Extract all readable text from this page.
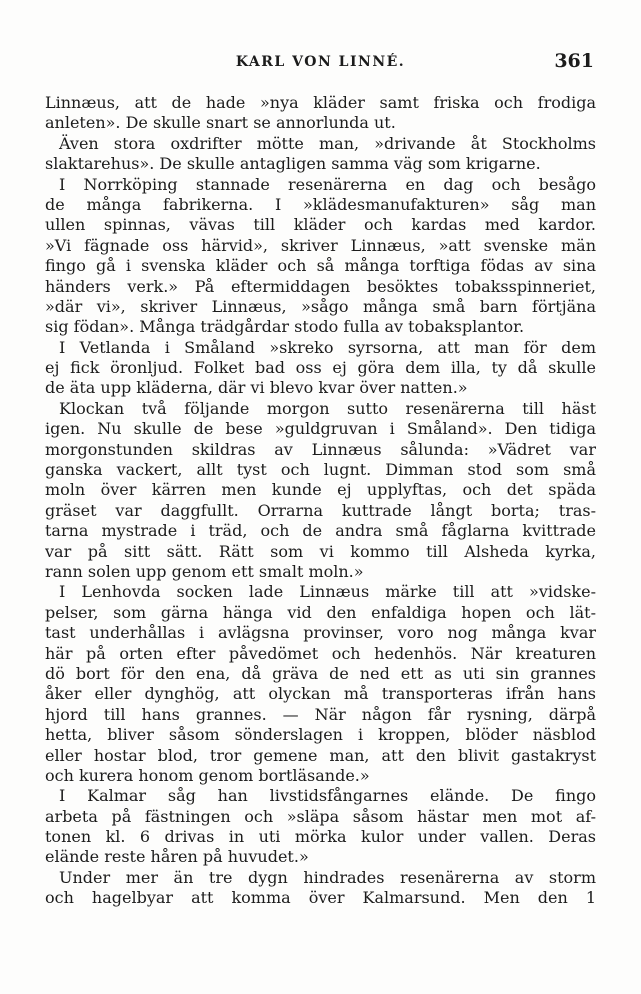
KARL VON LINNÉ.	361
Linnæus, att de hade »nya kläder samt friska och frodiga
anleten». De skulle snart se annorlunda ut.
Även stora oxdrifter mötte man, »drivande åt Stockholms
slaktarehus». De skulle antagligen samma väg som krigarne.
I Norrköping stannade resenärerna en dag och besågo
de många fabrikerna. I »klädesmanufakturen» såg man
ullen spinnas, vävas till kläder och kardas med kardor.
»Vi fägnade oss härvid», skriver Linnæus, »att svenske män
fingo gå i svenska kläder och så många torftiga födas av sina
händers verk.» På eftermiddagen besöktes tobaksspinneriet,
»där vi», skriver Linnæus, »sågo många små barn förtjäna
sig födan». Många trädgårdar stodo fulla av tobaksplantor.
I Vetlanda i Småland »skreko syrsorna, att man för dem
ej fick öronljud. Folket bad oss ej göra dem illa, ty då skulle
de äta upp kläderna, där vi blevo kvar över natten.»
Klockan två följande morgon sutto resenärerna till häst
igen. Nu skulle de bese »guldgruvan i Småland». Den tidiga
morgonstunden skildras av Linnæus sålunda: »Vädret var
ganska vackert, allt tyst och lugnt. Dimman stod som små
moln över kärren men kunde ej upplyftas, och det späda
gräset var daggfullt. Orrarna kuttrade långt borta; tras-
tarna mystrade i träd, och de andra små fåglarna kvittrade
var på sitt sätt. Rätt som vi kommo till Alsheda kyrka,
rann solen upp genom ett smalt moln.»
I Lenhovda socken lade Linnæus märke till att »vidske-
pelser, som gärna hänga vid den enfaldiga hopen och lät-
tast underhållas i avlägsna provinser, voro nog många kvar
här på orten efter påvedömet och hedenhös. När kreaturen
dö bort för den ena, då gräva de ned ett as uti sin grannes
åker eller dynghög, att olyckan må transporteras ifrån hans
hjord till hans grannes. — När någon får rysning, därpå
hetta, bliver såsom sönderslagen i kroppen, blöder näsblod
eller hostar blod, tror gemene man, att den blivit gastakryst
och kurera honom genom bortläsande.»
I Kalmar såg han livstidsfångarnes elände. De fingo
arbeta på fästningen och »släpa såsom hästar men mot af-
tonen kl. 6 drivas in uti mörka kulor under vallen. Deras
elände reste håren på huvudet.»
Under mer än tre dygn hindrades resenärerna av storm
och hagelbyar att komma över Kalmarsund. Men den 1
